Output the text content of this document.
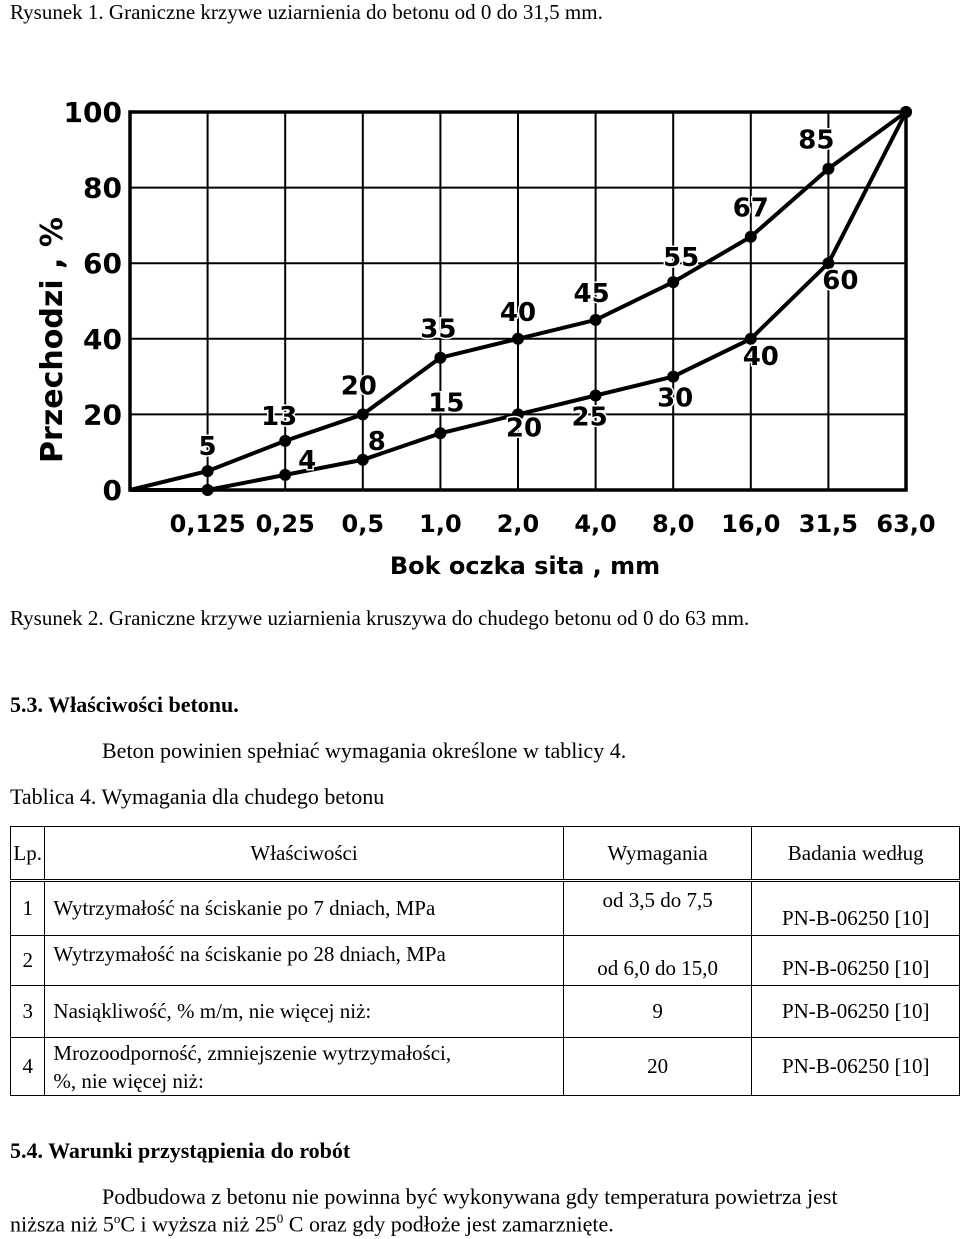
Rysunek 1. Graniczne krzywe uziarnienia do betonu od 0 do 31,5 mm.
0
20
40
60
80
100
0,125 0,25 0,5 1,0 2,0 4,0 8,0 16,0 31,5 63,0
5
13
20
35
40
45
55
67
85
4
8
15
20 25
30
40
60
Przechodzi , %
Bok oczka sita , mm
Rysunek 2. Graniczne krzywe uziarnienia kruszywa do chudego betonu od 0 do 63 mm.
5.3. Właściwości betonu.
Beton powinien spełniać wymagania określone w tablicy 4.
Tablica 4. Wymagania dla chudego betonu
Lp.	Właściwości	Wymagania	Badania według
1	Wytrzymałość na ściskanie po 7 dniach, MPa	od 3,5 do 7,5	PN-B-06250 [10]
2	Wytrzymałość na ściskanie po 28 dniach, MPa	od 6,0 do 15,0	PN-B-06250 [10]
3	Nasiąkliwość, % m/m, nie więcej niż:	9	PN-B-06250 [10]
4	Mrozoodporność, zmniejszenie wytrzymałości,
%, nie więcej niż:	20	PN-B-06250 [10]
5.4. Warunki przystąpienia do robót
Podbudowa z betonu nie powinna być wykonywana gdy temperatura powietrza jest
niższa niż 5$^o$C i wyższa niż $25^0$ C oraz gdy podłoże jest zamarznięte.
